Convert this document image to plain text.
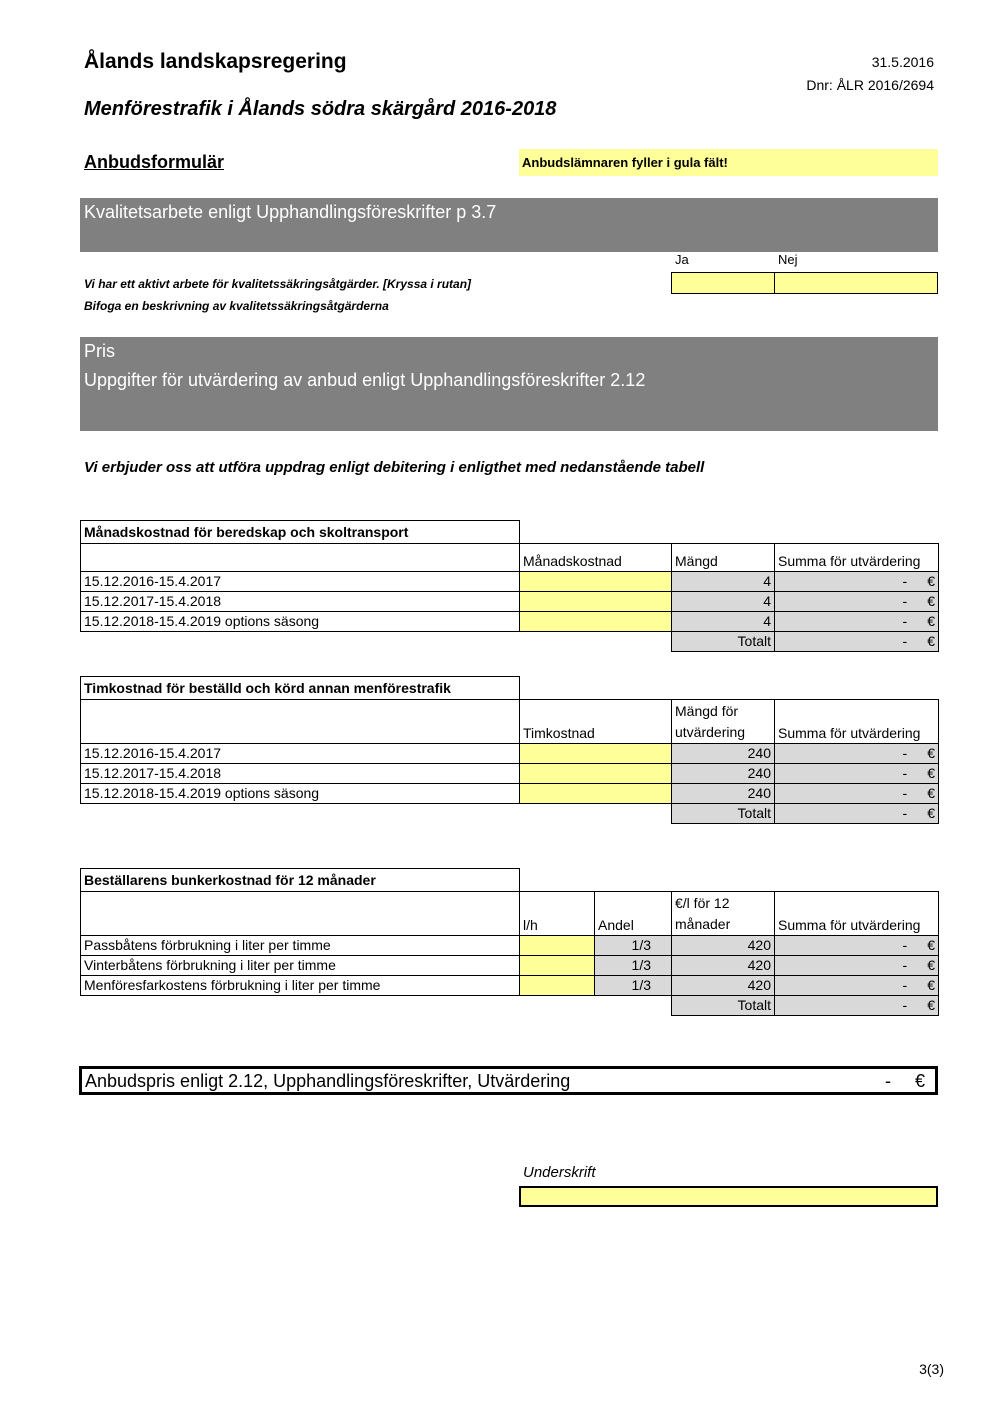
Ålands landskapsregering	31.5.2016
Dnr: ÅLR 2016/2694
Menförestrafik i Ålands södra skärgård 2016-2018
Anbudsformulär	Anbudslämnaren fyller i gula fält!
Kvalitetsarbete enligt Upphandlingsföreskrifter p 3.7
Ja	Nej
Vi har ett aktivt arbete för kvalitetssäkringsåtgärder. [Kryssa i rutan]
Bifoga en beskrivning av kvalitetssäkringsåtgärderna
Pris
Uppgifter för utvärdering av anbud enligt Upphandlingsföreskrifter 2.12
Vi erbjuder oss att utföra uppdrag enligt debitering i enligthet med nedanstående tabell
Månadskostnad för beredskap och skoltransport			
	Månadskostnad	Mängd	Summa för utvärdering
15.12.2016-15.4.2017		4	- €
15.12.2017-15.4.2018		4	- €
15.12.2018-15.4.2019 options säsong		4	- €
		Totalt	- €
Timkostnad för beställd och körd annan menförestrafik			
	Timkostnad	Mängd för
utvärdering	Summa för utvärdering
15.12.2016-15.4.2017		240	- €
15.12.2017-15.4.2018		240	- €
15.12.2018-15.4.2019 options säsong		240	- €
		Totalt	- €
Beställarens bunkerkostnad för 12 månader				
	l/h	Andel	€/l för 12
månader	Summa för utvärdering
Passbåtens förbrukning i liter per timme		1/3	420	- €
Vinterbåtens förbrukning i liter per timme		1/3	420	- €
Menföresfarkostens förbrukning i liter per timme		1/3	420	- €
			Totalt	- €
Anbudspris enligt 2.12, Upphandlingsföreskrifter, Utvärdering	- €
Underskrift
3(3)
